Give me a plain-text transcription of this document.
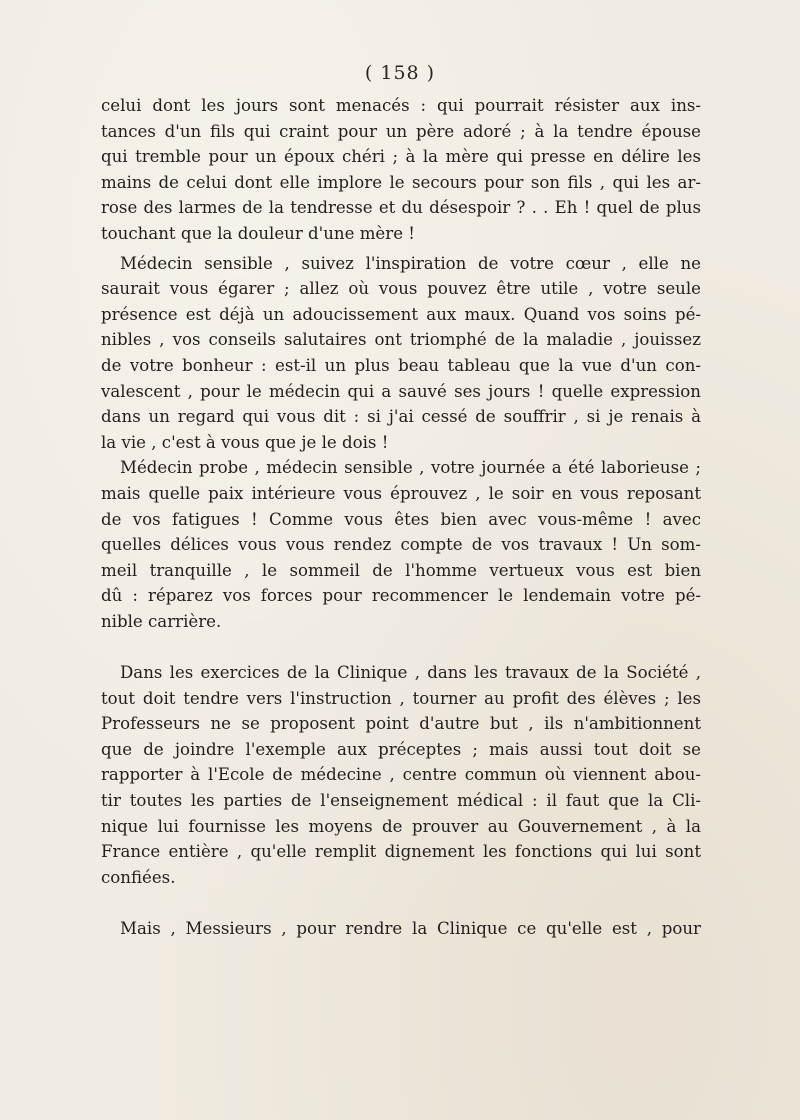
( 158 )
celui dont les jours sont menacés : qui pourrait résister aux ins-
tances d'un fils qui craint pour un père adoré ; à la tendre épouse
qui tremble pour un époux chéri ; à la mère qui presse en délire les
mains de celui dont elle implore le secours pour son fils , qui les ar-
rose des larmes de la tendresse et du désespoir ? . . Eh ! quel de plus
touchant que la douleur d'une mère !
Médecin sensible , suivez l'inspiration de votre cœur , elle ne
saurait vous égarer ; allez où vous pouvez être utile , votre seule
présence est déjà un adoucissement aux maux. Quand vos soins pé-
nibles , vos conseils salutaires ont triomphé de la maladie , jouissez
de votre bonheur : est-il un plus beau tableau que la vue d'un con-
valescent , pour le médecin qui a sauvé ses jours ! quelle expression
dans un regard qui vous dit : si j'ai cessé de souffrir , si je renais à
la vie , c'est à vous que je le dois !
Médecin probe , médecin sensible , votre journée a été laborieuse ;
mais quelle paix intérieure vous éprouvez , le soir en vous reposant
de vos fatigues ! Comme vous êtes bien avec vous-même ! avec
quelles délices vous vous rendez compte de vos travaux ! Un som-
meil tranquille , le sommeil de l'homme vertueux vous est bien
dû : réparez vos forces pour recommencer le lendemain votre pé-
nible carrière.
Dans les exercices de la Clinique , dans les travaux de la Société ,
tout doit tendre vers l'instruction , tourner au profit des élèves ; les
Professeurs ne se proposent point d'autre but , ils n'ambitionnent
que de joindre l'exemple aux préceptes ; mais aussi tout doit se
rapporter à l'Ecole de médecine , centre commun où viennent abou-
tir toutes les parties de l'enseignement médical : il faut que la Cli-
nique lui fournisse les moyens de prouver au Gouvernement , à la
France entière , qu'elle remplit dignement les fonctions qui lui sont
confiées.
Mais , Messieurs , pour rendre la Clinique ce qu'elle est , pour
